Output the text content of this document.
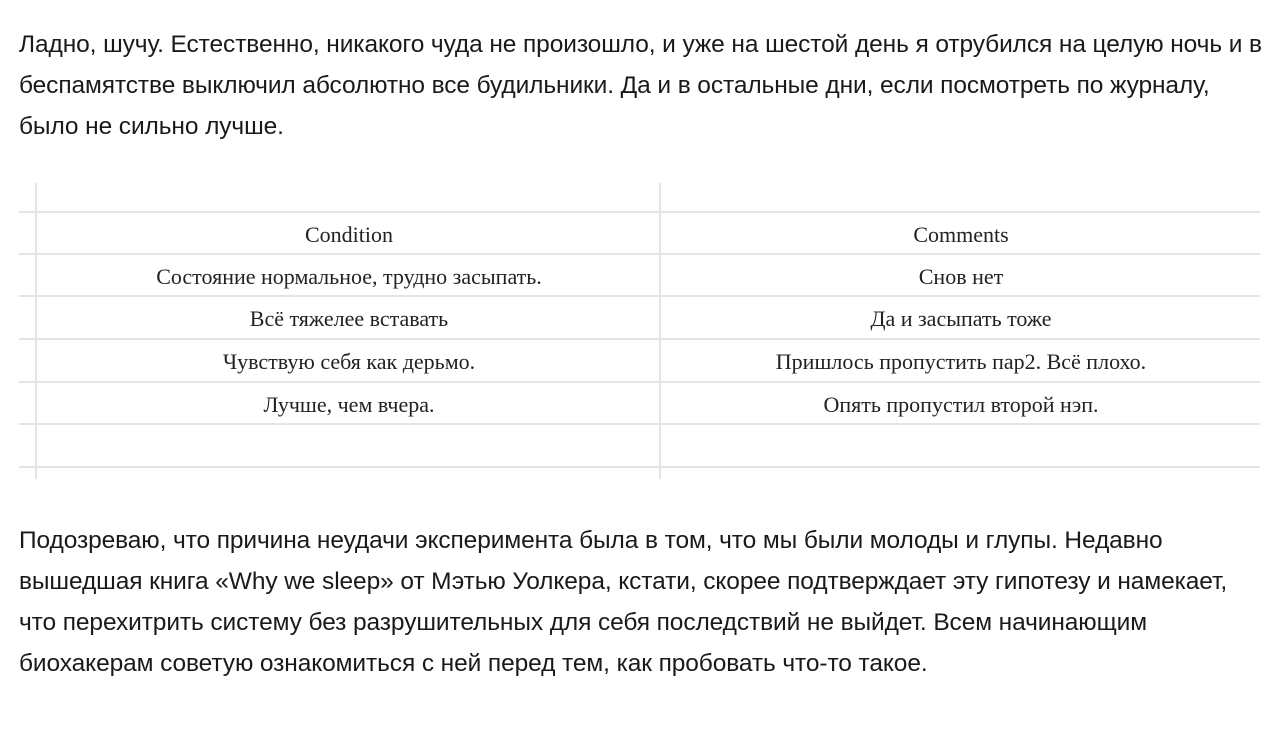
Ладно, шучу. Естественно, никакого чуда не произошло, и уже на шестой день я отрубился на целую ночь и в беспамятстве выключил абсолютно все будильники. Да и в остальные дни, если посмотреть по журналу, было не сильно лучше.

Condition	Comments
Состояние нормальное, трудно засыпать.	Снов нет
Всё тяжелее вставать	Да и засыпать тоже
Чувствую себя как дерьмо.	Пришлось пропустить пар2. Всё плохо.
Лучше, чем вчера.	Опять пропустил второй нэп.

Подозреваю, что причина неудачи эксперимента была в том, что мы были молоды и глупы. Недавно вышедшая книга «Why we sleep» от Мэтью Уолкера, кстати, скорее подтверждает эту гипотезу и намекает, что перехитрить систему без разрушительных для себя последствий не выйдет. Всем начинающим биохакерам советую ознакомиться с ней перед тем, как пробовать что-то такое.
